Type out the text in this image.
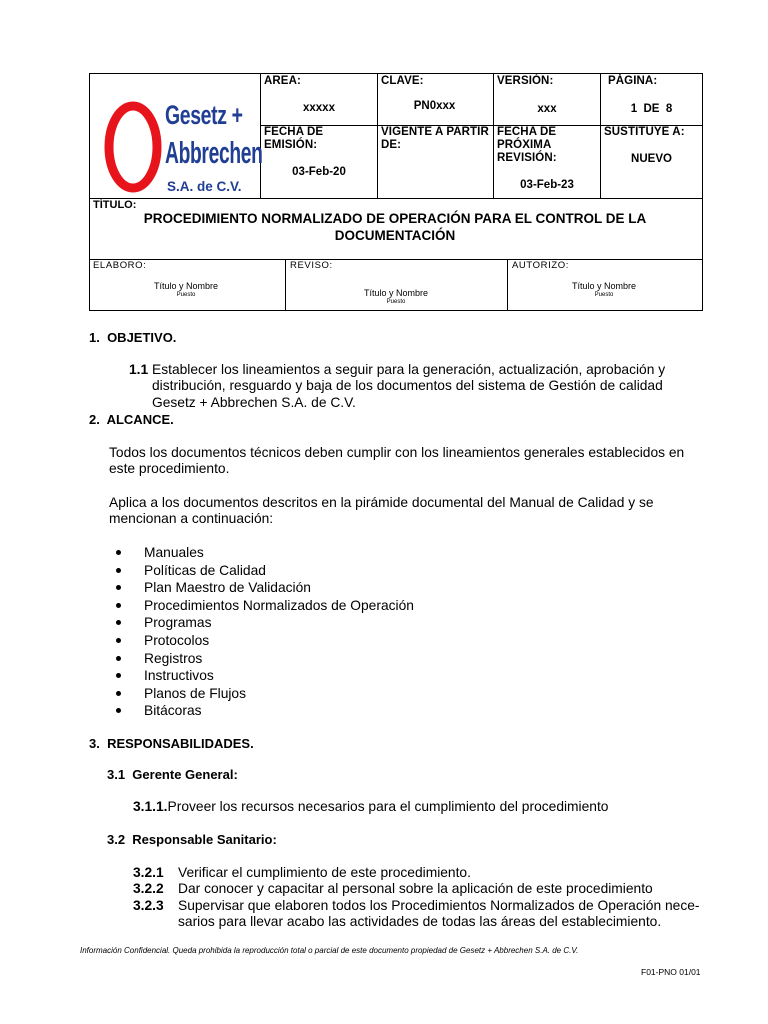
Gesetz +
Abbrechen
S.A. de C.V.
AREA:
xxxxx
CLAVE:
PN0xxx
VERSIÓN:
xxx
PÁGINA:
1  DE  8
FECHA DE
EMISIÓN:
03-Feb-20
VIGENTE A PARTIR
DE:
FECHA DE
PRÓXIMA
REVISIÓN:
03-Feb-23
SUSTITUYE A:
NUEVO
TÍTULO:
PROCEDIMIENTO NORMALIZADO DE OPERACIÓN PARA EL CONTROL DE LA
DOCUMENTACIÓN
ELABORO:
Título y Nombre
Puesto
REVISO:
Título y Nombre
Puesto
AUTORIZO:
Título y Nombre
Puesto
1.  OBJETIVO.
1.1 Establecer los lineamientos a seguir para la generación, actualización, aprobación y
distribución, resguardo y baja de los documentos del sistema de Gestión de calidad
Gesetz + Abbrechen S.A. de C.V.
2.  ALCANCE.
Todos los documentos técnicos deben cumplir con los lineamientos generales establecidos en
este procedimiento.
Aplica a los documentos descritos en la pirámide documental del Manual de Calidad y se
mencionan a continuación:
Manuales
Políticas de Calidad
Plan Maestro de Validación
Procedimientos Normalizados de Operación
Programas
Protocolos
Registros
Instructivos
Planos de Flujos
Bitácoras
3.  RESPONSABILIDADES.
3.1  Gerente General:
3.1.1.Proveer los recursos necesarios para el cumplimiento del procedimiento
3.2  Responsable Sanitario:
3.2.1 Verificar el cumplimiento de este procedimiento.
3.2.2 Dar conocer y capacitar al personal sobre la aplicación de este procedimiento
3.2.3 Supervisar que elaboren todos los Procedimientos Normalizados de Operación nece-
sarios para llevar acabo las actividades de todas las áreas del establecimiento.
Información Confidencial. Queda prohibida la reproducción total o parcial de este documento propiedad de Gesetz + Abbrechen S.A. de C.V.
F01-PNO 01/01
